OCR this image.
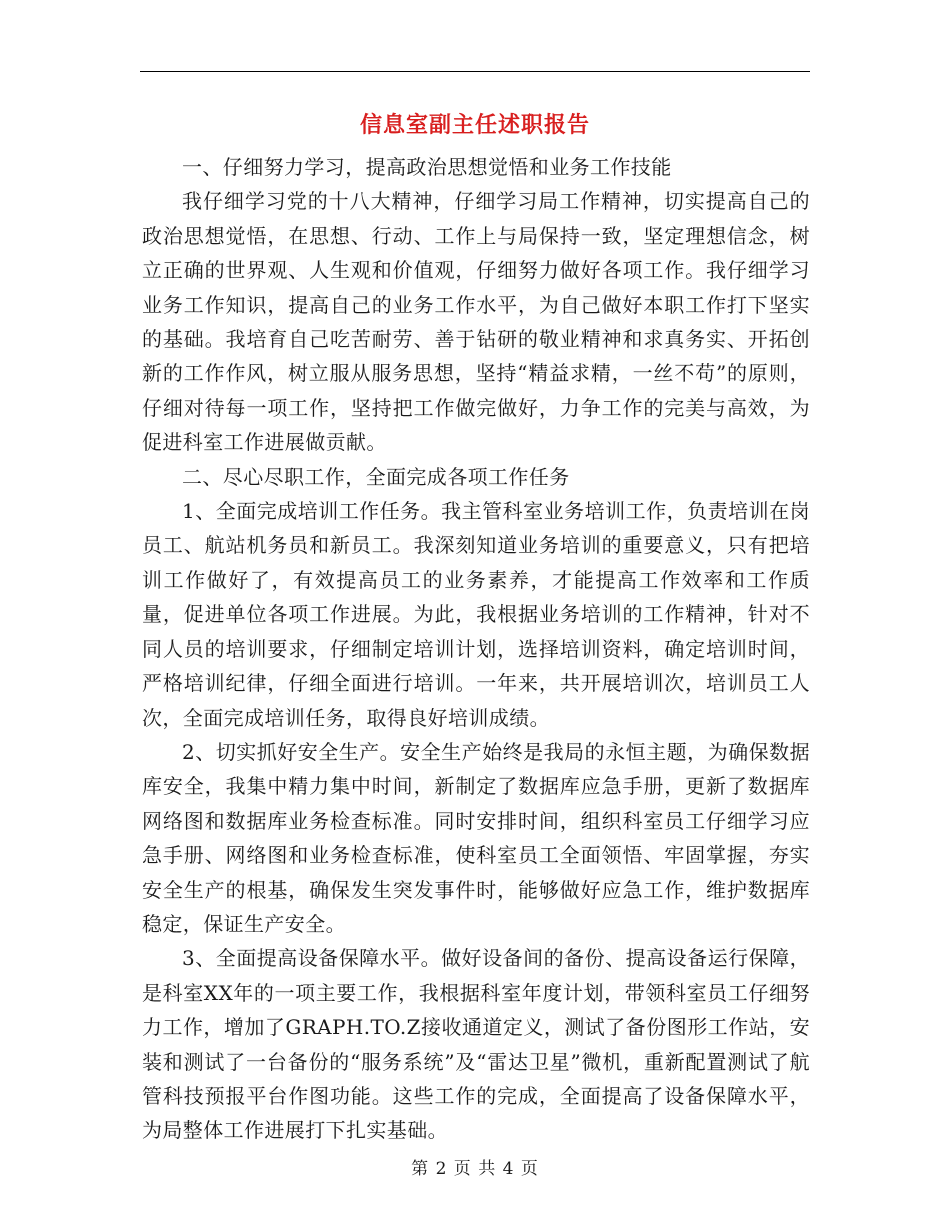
信息室副主任述职报告

一、仔细努力学习，提高政治思想觉悟和业务工作技能

我仔细学习党的十八大精神，仔细学习局工作精神，切实提高自己的政治思想觉悟，在思想、行动、工作上与局保持一致，坚定理想信念，树立正确的世界观、人生观和价值观，仔细努力做好各项工作。我仔细学习业务工作知识，提高自己的业务工作水平，为自己做好本职工作打下坚实的基础。我培育自己吃苦耐劳、善于钻研的敬业精神和求真务实、开拓创新的工作作风，树立服从服务思想，坚持“精益求精，一丝不苟”的原则，仔细对待每一项工作，坚持把工作做完做好，力争工作的完美与高效，为促进科室工作进展做贡献。

二、尽心尽职工作，全面完成各项工作任务

1、全面完成培训工作任务。我主管科室业务培训工作，负责培训在岗员工、航站机务员和新员工。我深刻知道业务培训的重要意义，只有把培训工作做好了，有效提高员工的业务素养，才能提高工作效率和工作质量，促进单位各项工作进展。为此，我根据业务培训的工作精神，针对不同人员的培训要求，仔细制定培训计划，选择培训资料，确定培训时间，严格培训纪律，仔细全面进行培训。一年来，共开展培训次，培训员工人次，全面完成培训任务，取得良好培训成绩。

2、切实抓好安全生产。安全生产始终是我局的永恒主题，为确保数据库安全，我集中精力集中时间，新制定了数据库应急手册，更新了数据库网络图和数据库业务检查标准。同时安排时间，组织科室员工仔细学习应急手册、网络图和业务检查标准，使科室员工全面领悟、牢固掌握，夯实安全生产的根基，确保发生突发事件时，能够做好应急工作，维护数据库稳定，保证生产安全。

3、全面提高设备保障水平。做好设备间的备份、提高设备运行保障，是科室XX年的一项主要工作，我根据科室年度计划，带领科室员工仔细努力工作，增加了GRAPH.TO.Z接收通道定义，测试了备份图形工作站，安装和测试了一台备份的“服务系统”及“雷达卫星”微机，重新配置测试了航管科技预报平台作图功能。这些工作的完成，全面提高了设备保障水平，为局整体工作进展打下扎实基础。

第 2 页 共 4 页
